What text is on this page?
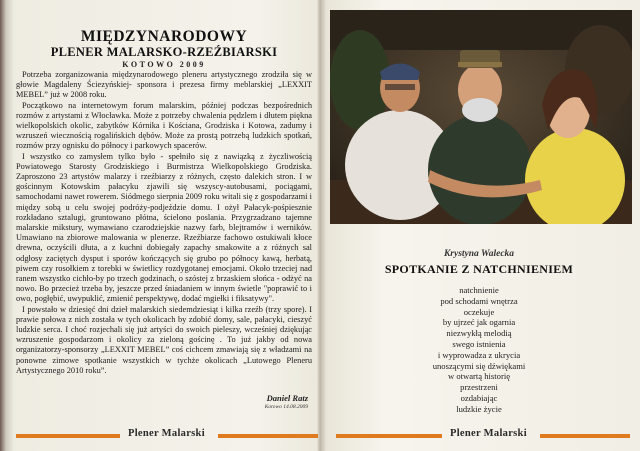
MIĘDZYNARODOWY
PLENER MALARSKO-RZEŹBIARSKI
KOTOWO 2009

Potrzeba zorganizowania międzynarodowego pleneru artystycznego zrodziła się w głowie Magdaleny Ściezyńskiej- sponsora i prezesa firmy meblarskiej „LEXXIT MEBEL” już w 2008 roku.

Początkowo na internetowym forum malarskim, później podczas bezpośrednich rozmów z artystami z Włocławka. Może z potrzeby chwalenia pędzlem i dłutem piękna wielkopolskich okolic, zabytków Kórnika i Kościana, Grodziska i Kotowa, zadumy i wzruszeń wiecznością rogalińskich dębów. Może za prostą potrzebą ludzkich spotkań, rozmów przy ognisku do północy i parkowych spacerów.

I wszystko co zamysłem tylko było - spełniło się z nawiązką z życzliwością Powiatowego Starosty Grodziskiego i Burmistrza Wielkopolskiego Grodziska. Zaproszono 23 artystów malarzy i rzeźbiarzy z różnych, często dalekich stron. I w gościnnym Kotowskim pałacyku zjawili się wszyscy-autobusami, pociągami, samochodami nawet rowerem. Siódmego sierpnia 2009 roku witali się z gospodarzami i między sobą u celu swojej podróży-podjeździe domu. I ożył Pałacyk-pośpiesznie rozkładano sztalugi, gruntowano płótna, ścielono poslania. Przygrzadzano tajemne malarskie mikstury, wymawiano czarodziejskie nazwy farb, blejtramów i werników. Umawiano na zbiorowe malowania w plenerze. Rzeźbiarze fachowo ostukiwali kłoce drewna, oczyścili dłuta, a z kuchni dobiegały zapachy smakowite a z różnych sal odgłosy zaciętych dysput i sporów kończących się grubo po północy kawą, herbatą, piwem czy rosołkiem z torebki w świetlicy rozdygotanej emocjami. Około trzeciej nad ranem wszystko cichło-by po trzech godzinach, o szóstej z brzaskiem słońca - odżyć na nowo. Bo przecież trzeba by, jeszcze przed śniadaniem w innym świetle "poprawić to i owo, pogłębić, uwypuklić, zmienić perspektywę, dodać mgiełki i fiksatywy".

I powstało w dziesięć dni dzieł malarskich siedemdziesiąt i kilka rzeźb (trzy spore). I prawie połowa z nich została w tych okolicach by zdobić domy, sale, pałacyki, cieszyć ludzkie serca. I choć rozjechali się już artyści do swoich pieleszy, wcześniej dziękując wzruszenie gospodarzom i okolicy za zieloną gościnę . To już jakby od nowa organizatorzy-sponsorzy „LEXXIT MEBEL” coś cichcem zmawiają się z władzami na ponowne zimowe spotkanie wszystkich w tychże okolicach „Lutowego Pleneru Artystycznego 2010 roku”.

Daniel Ratz
Kotowo 14.08.2009
Plener Malarski
Krystyna Walecka
SPOTKANIE Z NATCHNIENIEM
natchnienie
pod schodami wnętrza
oczekuje
by ujrzeć jak ogarnia
niezwykłą melodią
swego istnienia
i wyprowadza z ukrycia
unoszącymi się dźwiękami
w otwartą historię
przestrzeni
ozdabiając
ludzkie życie
Plener Malarski
